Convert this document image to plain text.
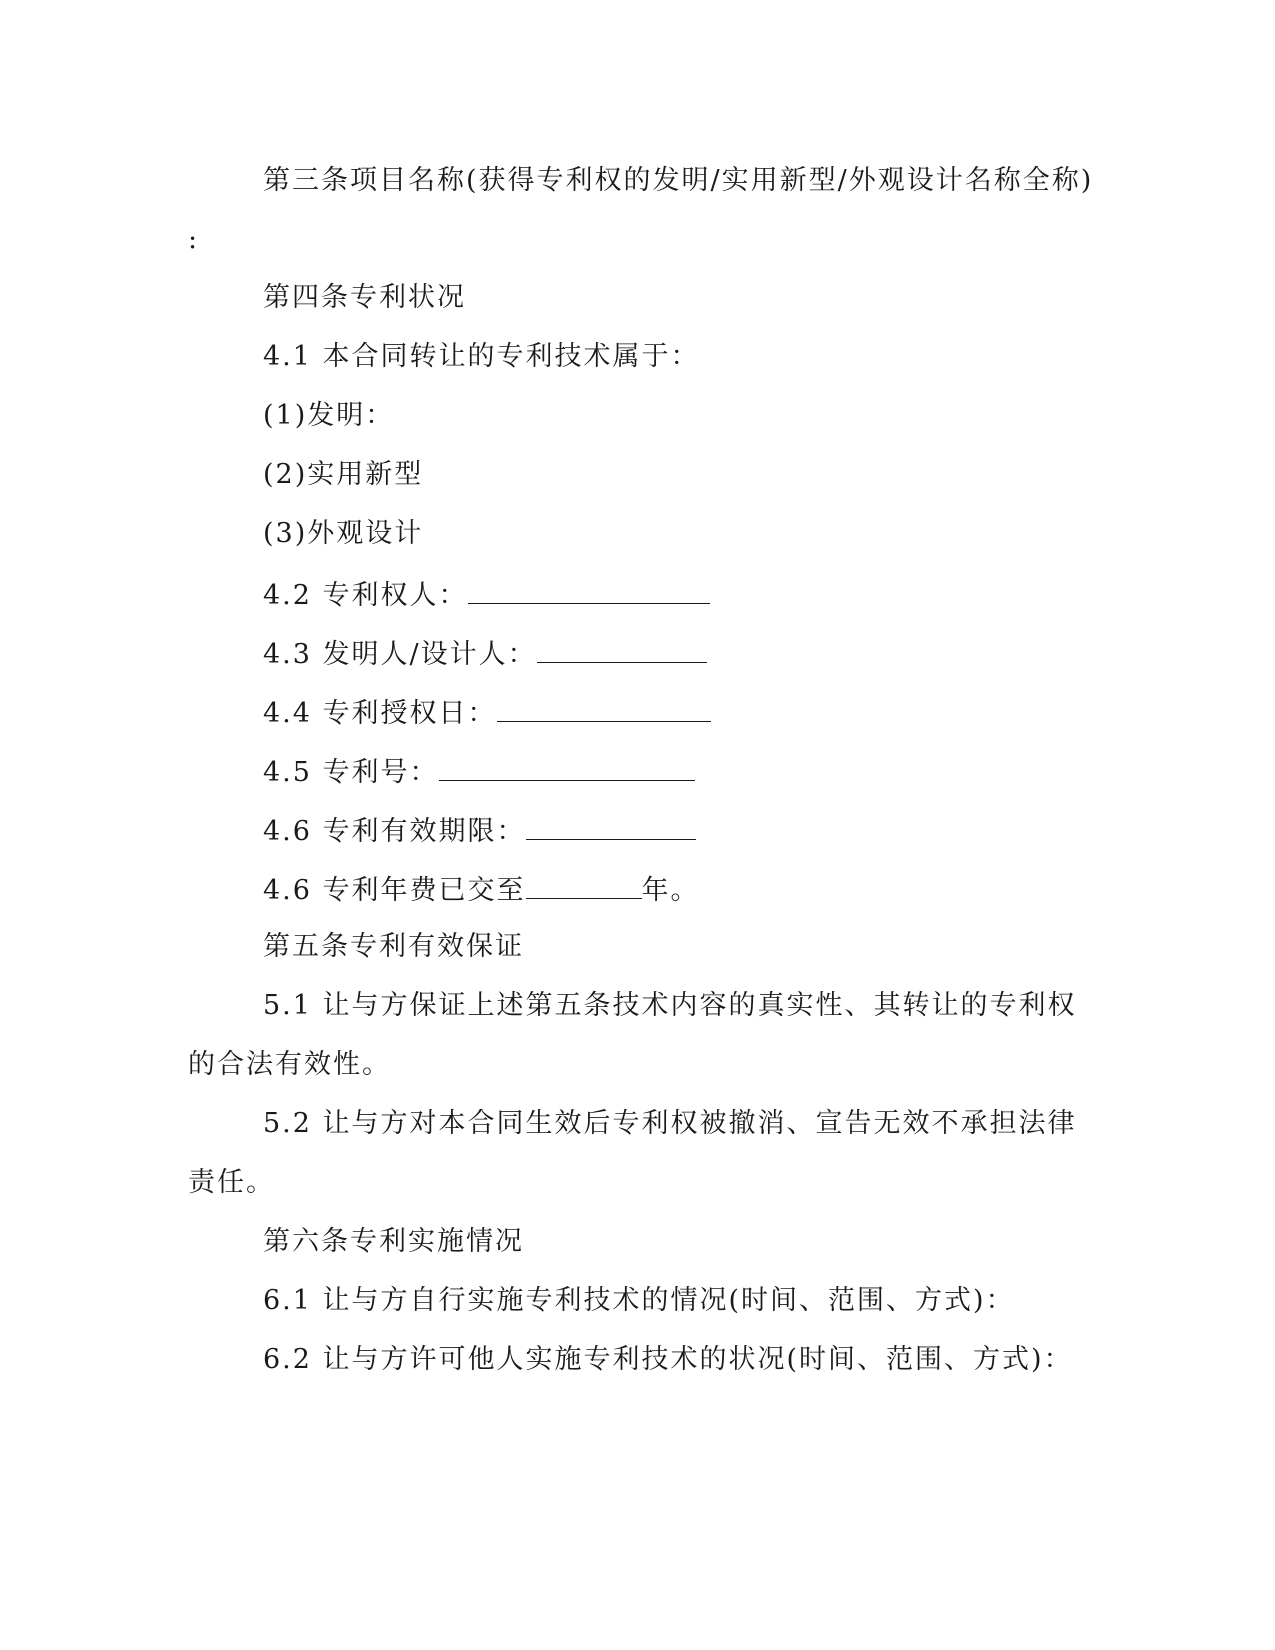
第三条项目名称(获得专利权的发明/实用新型/外观设计名称全称)
:
第四条专利状况
4.1 本合同转让的专利技术属于：
(1)发明：
(2)实用新型
(3)外观设计
4.2 专利权人：
4.3 发明人/设计人：
4.4 专利授权日：
4.5 专利号：
4.6 专利有效期限：
4.6 专利年费已交至	年。
第五条专利有效保证
5.1 让与方保证上述第五条技术内容的真实性、其转让的专利权
的合法有效性。
5.2 让与方对本合同生效后专利权被撤消、宣告无效不承担法律
责任。
第六条专利实施情况
6.1 让与方自行实施专利技术的情况(时间、范围、方式)：
6.2 让与方许可他人实施专利技术的状况(时间、范围、方式)：
